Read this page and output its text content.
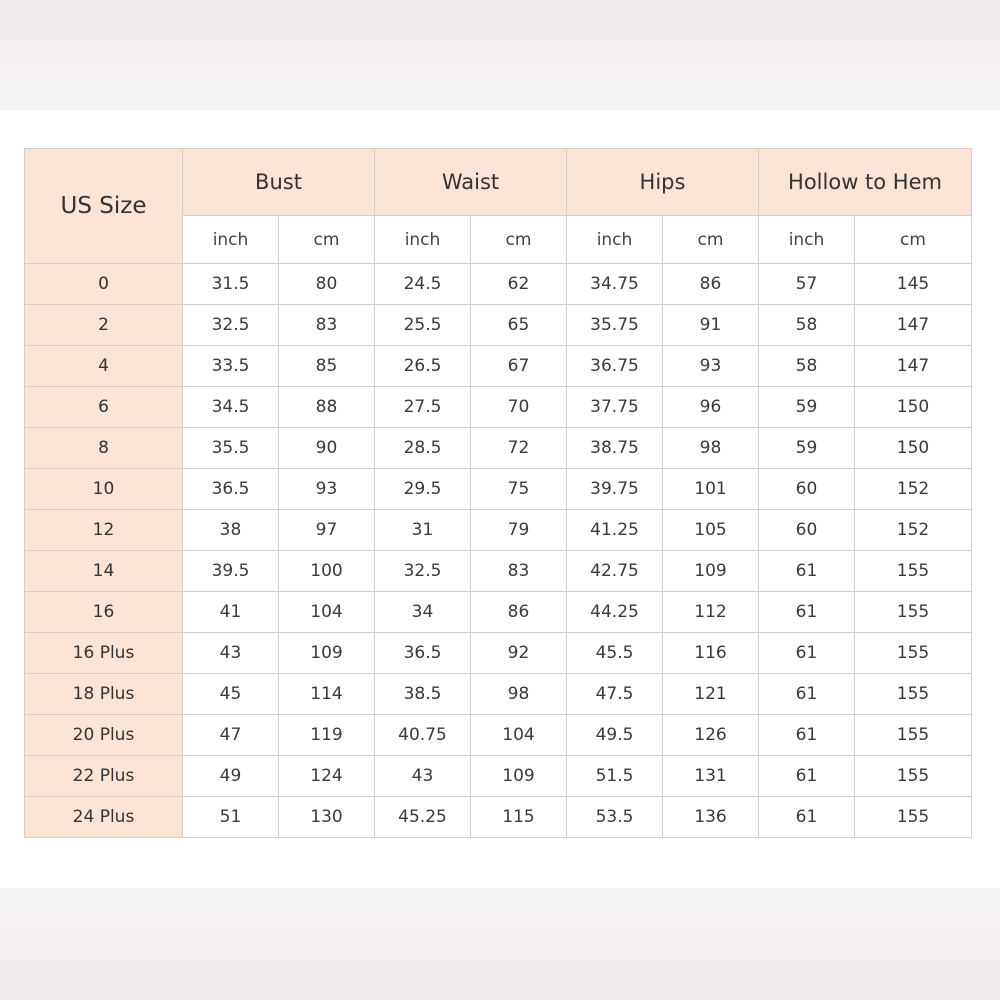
US Size	Bust		Waist		Hips		Hollow to Hem	
	inch	cm	inch	cm	inch	cm	inch	cm
0	31.5	80	24.5	62	34.75	86	57	145
2	32.5	83	25.5	65	35.75	91	58	147
4	33.5	85	26.5	67	36.75	93	58	147
6	34.5	88	27.5	70	37.75	96	59	150
8	35.5	90	28.5	72	38.75	98	59	150
10	36.5	93	29.5	75	39.75	101	60	152
12	38	97	31	79	41.25	105	60	152
14	39.5	100	32.5	83	42.75	109	61	155
16	41	104	34	86	44.25	112	61	155
16 Plus	43	109	36.5	92	45.5	116	61	155
18 Plus	45	114	38.5	98	47.5	121	61	155
20 Plus	47	119	40.75	104	49.5	126	61	155
22 Plus	49	124	43	109	51.5	131	61	155
24 Plus	51	130	45.25	115	53.5	136	61	155
